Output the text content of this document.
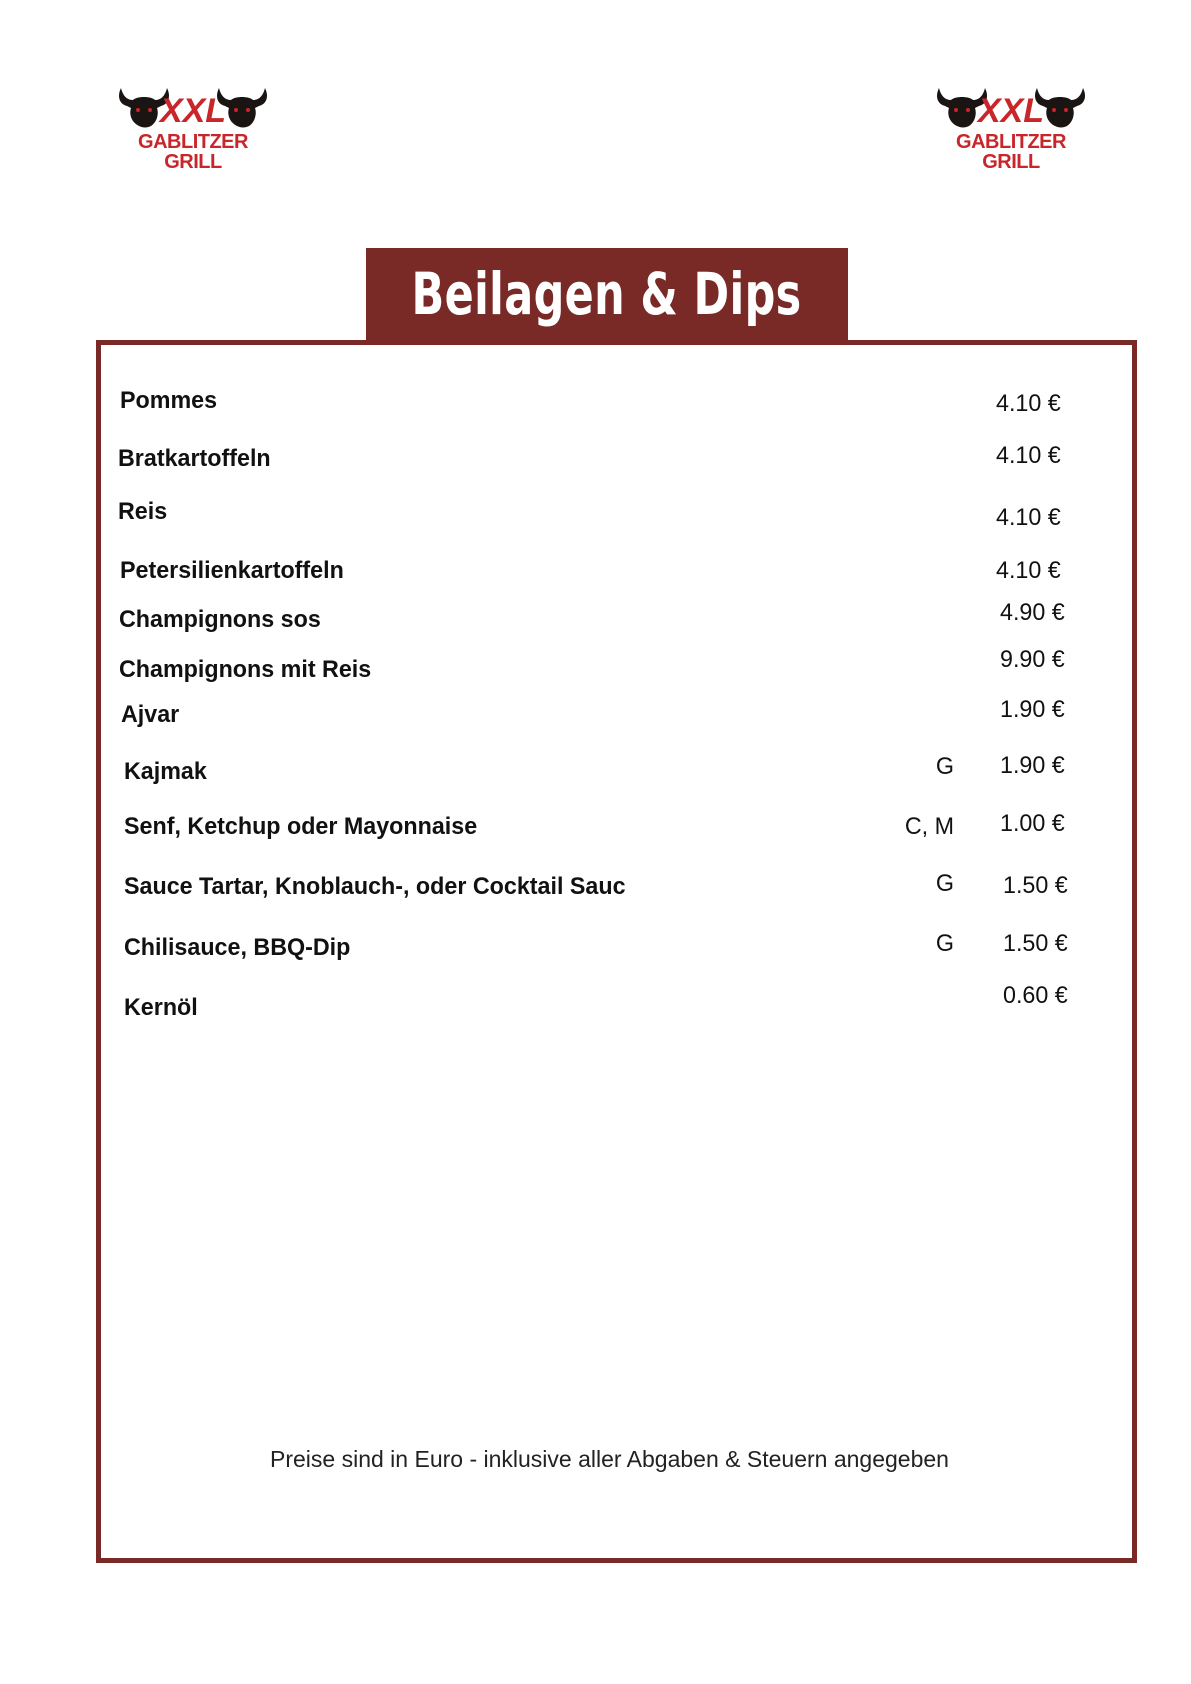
XXL
GABLITZER
GRILL
XXL
GABLITZER
GRILL
Beilagen & Dips
Pommes	4.10 €
Bratkartoffeln	4.10 €
Reis	4.10 €
Petersilienkartoffeln	4.10 €
Champignons sos	4.90 €
Champignons mit Reis	9.90 €
Ajvar	1.90 €
Kajmak	G 1.90 €
Senf, Ketchup oder Mayonnaise	C, M 1.00 €
Sauce Tartar, Knoblauch-, oder Cocktail Sauc	G 1.50 €
Chilisauce, BBQ-Dip	G 1.50 €
Kernöl	0.60 €
Preise sind in Euro - inklusive aller Abgaben & Steuern angegeben
